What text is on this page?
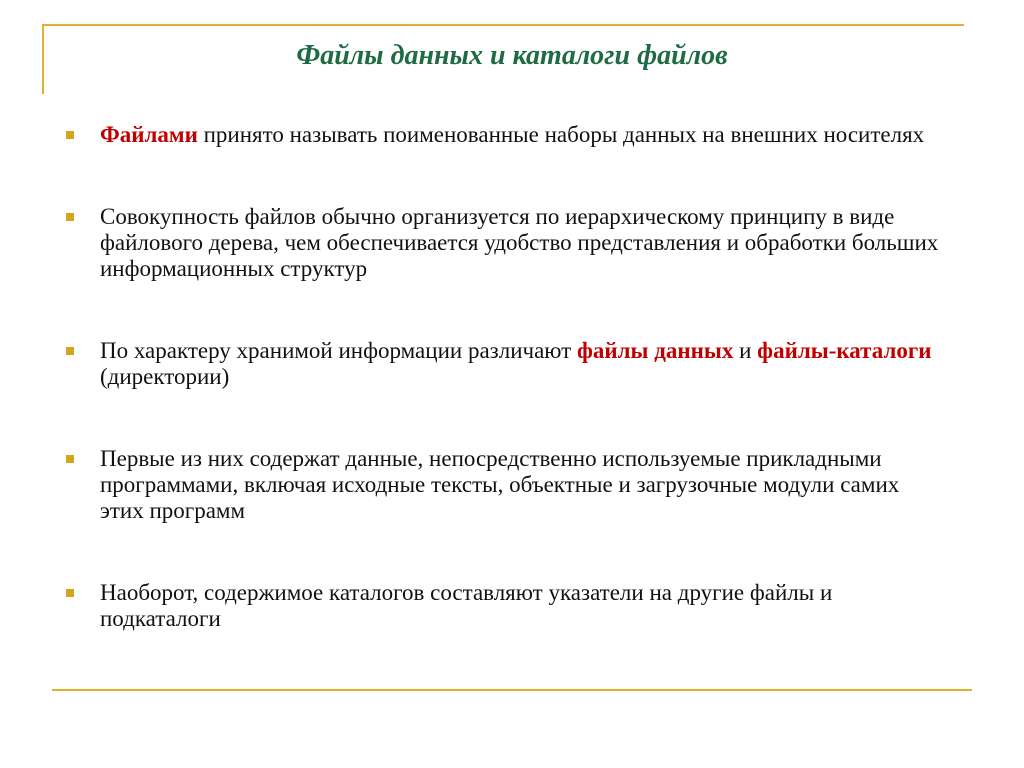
Файлы данных и каталоги файлов
Файлами принято называть поименованные наборы данных на внешних носителях
Совокупность файлов обычно организуется по иерархическому принципу в виде файлового дерева, чем обеспечивается удобство представления и обработки больших информационных структур
По характеру хранимой информации различают файлы данных и файлы-каталоги (директории)
Первые из них содержат данные, непосредственно используемые прикладными программами, включая исходные тексты, объектные и загрузочные модули самих этих программ
Наоборот, содержимое каталогов составляют указатели на другие файлы и подкаталоги
